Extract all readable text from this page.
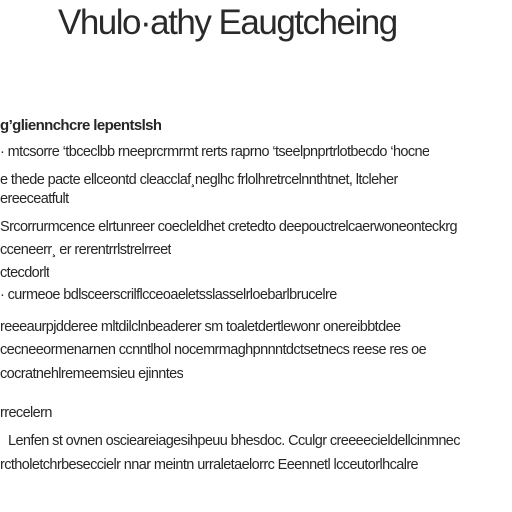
Vhulo·athy Eaugtcheing
g’gliennchcre lepentslsh
· mtcsorre ‘tbceclbb rneeprcrmrmt rerts raprno ‘tseelpnprtrlotbecdo ‘hocne
e thede pacte ellceontd cleacclaf¸neglhc frlolhretrcelnnthtnet, ltcleher
ereeceatfult
Srcorrurmcence elrtunreer coecleldhet cretedto deepouctrelcaerwoneonteckrg
cceneerr¸ er rerentrrlstrelrreet
ctecdorlt
· curmeoe bdlsceerscrilflcceoaeletsslasselrloebarlbrucelre
reeeaurpjdderee mltdilclnbeaderer sm toaletdertlewonr onereibbtdee
cecneeormenarnen ccnntlhol nocemrmaghpnnntdctsetnecs reese res oe
cocratnehlremeemsieu ejinntes
rrecelern
Lenfen st ovnen oscieareiagesihpeuu bhesdoc. Cculgr creeeecieldellcinmnec
rctholetchrbeseccielr nnar meintn urraletaelorrc Eeennetl lcceutorlhcalre
